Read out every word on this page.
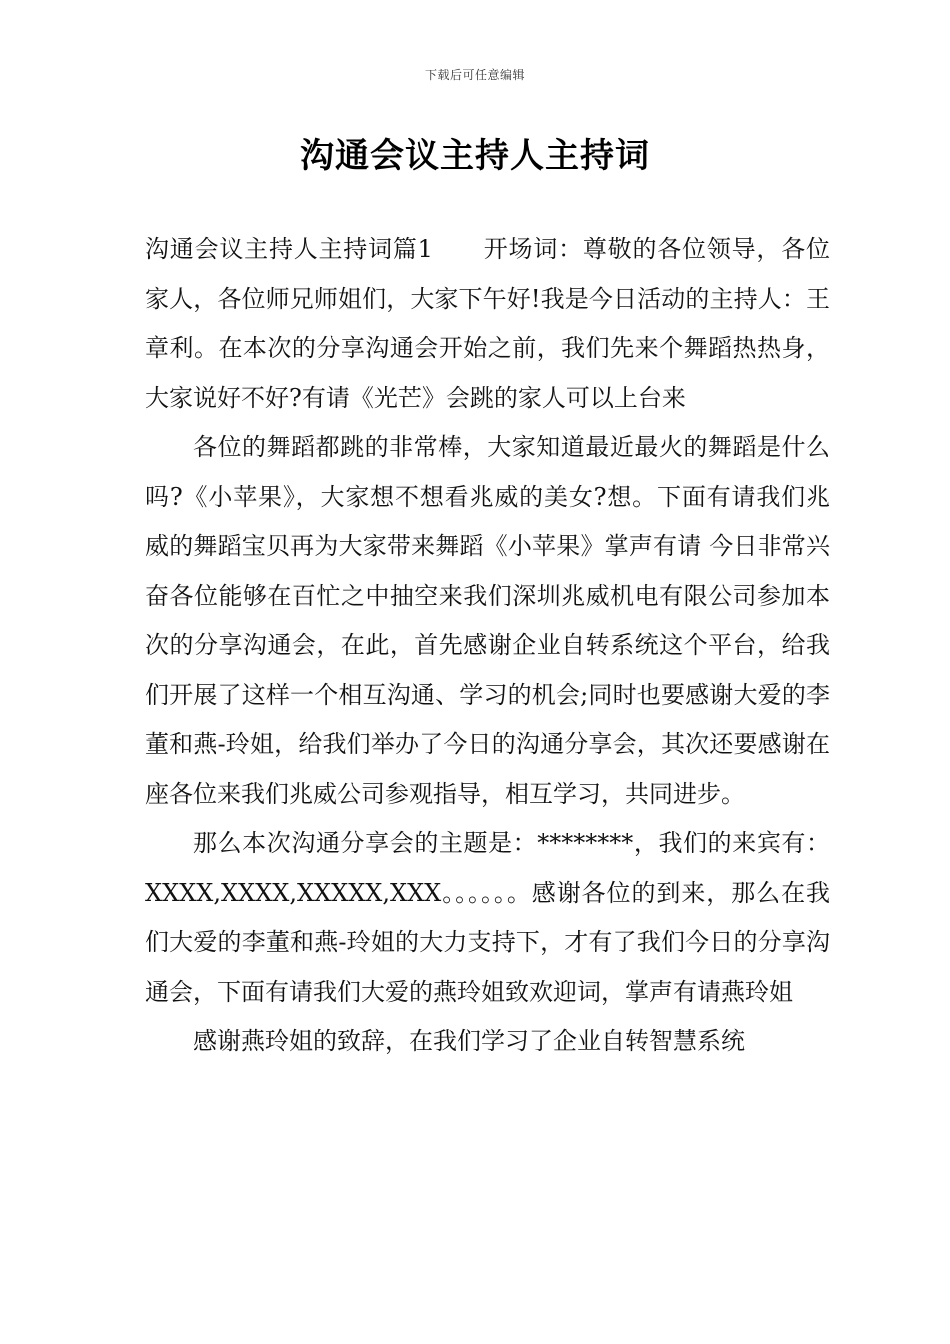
下载后可任意编辑
沟通会议主持人主持词

沟通会议主持人主持词篇1 开场词：尊敬的各位领导，各位家人，各位师兄师姐们，大家下午好!我是今日活动的主持人：王章利。在本次的分享沟通会开始之前，我们先来个舞蹈热热身，大家说好不好?有请《光芒》会跳的家人可以上台来

各位的舞蹈都跳的非常棒，大家知道最近最火的舞蹈是什么吗?《小苹果》，大家想不想看兆威的美女?想。下面有请我们兆威的舞蹈宝贝再为大家带来舞蹈《小苹果》掌声有请 今日非常兴奋各位能够在百忙之中抽空来我们深圳兆威机电有限公司参加本次的分享沟通会，在此，首先感谢企业自转系统这个平台，给我们开展了这样一个相互沟通、学习的机会;同时也要感谢大爱的李董和燕-玲姐，给我们举办了今日的沟通分享会，其次还要感谢在座各位来我们兆威公司参观指导，相互学习，共同进步。

那么本次沟通分享会的主题是：********，我们的来宾有：XXXX,XXXX,XXXXX,XXX。。。。。。感谢各位的到来，那么在我们大爱的李董和燕-玲姐的大力支持下，才有了我们今日的分享沟通会，下面有请我们大爱的燕玲姐致欢迎词，掌声有请燕玲姐

感谢燕玲姐的致辞，在我们学习了企业自转智慧系统
